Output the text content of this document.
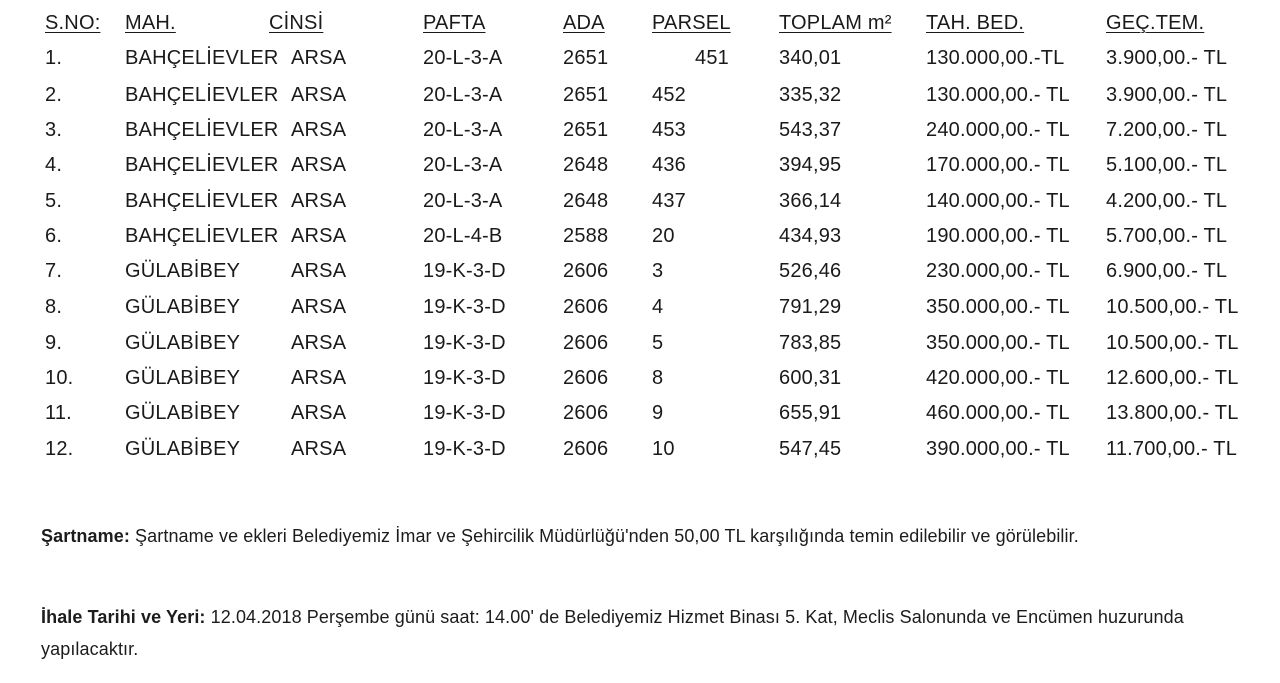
S.NO: MAH.	CİNSİ	PAFTA	ADA PARSEL TOPLAM m² TAH. BED.	GEÇ.TEM.
1.	BAHÇELİEVLER ARSA	20-L-3-A	2651	451	340,01	130.000,00.-TL 3.900,00.- TL
2.	BAHÇELİEVLER ARSA	20-L-3-A	2651 452	335,32	130.000,00.- TL 3.900,00.- TL
3.	BAHÇELİEVLER ARSA	20-L-3-A	2651 453	543,37	240.000,00.- TL 7.200,00.- TL
4.	BAHÇELİEVLER ARSA	20-L-3-A	2648 436	394,95	170.000,00.- TL 5.100,00.- TL
5.	BAHÇELİEVLER ARSA	20-L-3-A	2648 437	366,14	140.000,00.- TL 4.200,00.- TL
6.	BAHÇELİEVLER ARSA	20-L-4-B	2588 20	434,93	190.000,00.- TL 5.700,00.- TL
7.	GÜLABİBEY	ARSA	19-K-3-D	2606 3	526,46	230.000,00.- TL 6.900,00.- TL
8.	GÜLABİBEY	ARSA	19-K-3-D	2606 4	791,29	350.000,00.- TL 10.500,00.- TL
9.	GÜLABİBEY	ARSA	19-K-3-D	2606 5	783,85	350.000,00.- TL 10.500,00.- TL
10.	GÜLABİBEY	ARSA	19-K-3-D	2606 8	600,31	420.000,00.- TL 12.600,00.- TL
11.	GÜLABİBEY	ARSA	19-K-3-D	2606 9	655,91	460.000,00.- TL 13.800,00.- TL
12.	GÜLABİBEY	ARSA	19-K-3-D	2606 10	547,45	390.000,00.- TL 11.700,00.- TL
Şartname: Şartname ve ekleri Belediyemiz İmar ve Şehircilik Müdürlüğü'nden 50,00 TL karşılığında temin edilebilir ve görülebilir.
İhale Tarihi ve Yeri: 12.04.2018 Perşembe günü saat: 14.00' de Belediyemiz Hizmet Binası 5. Kat, Meclis Salonunda ve Encümen huzurunda yapılacaktır.
